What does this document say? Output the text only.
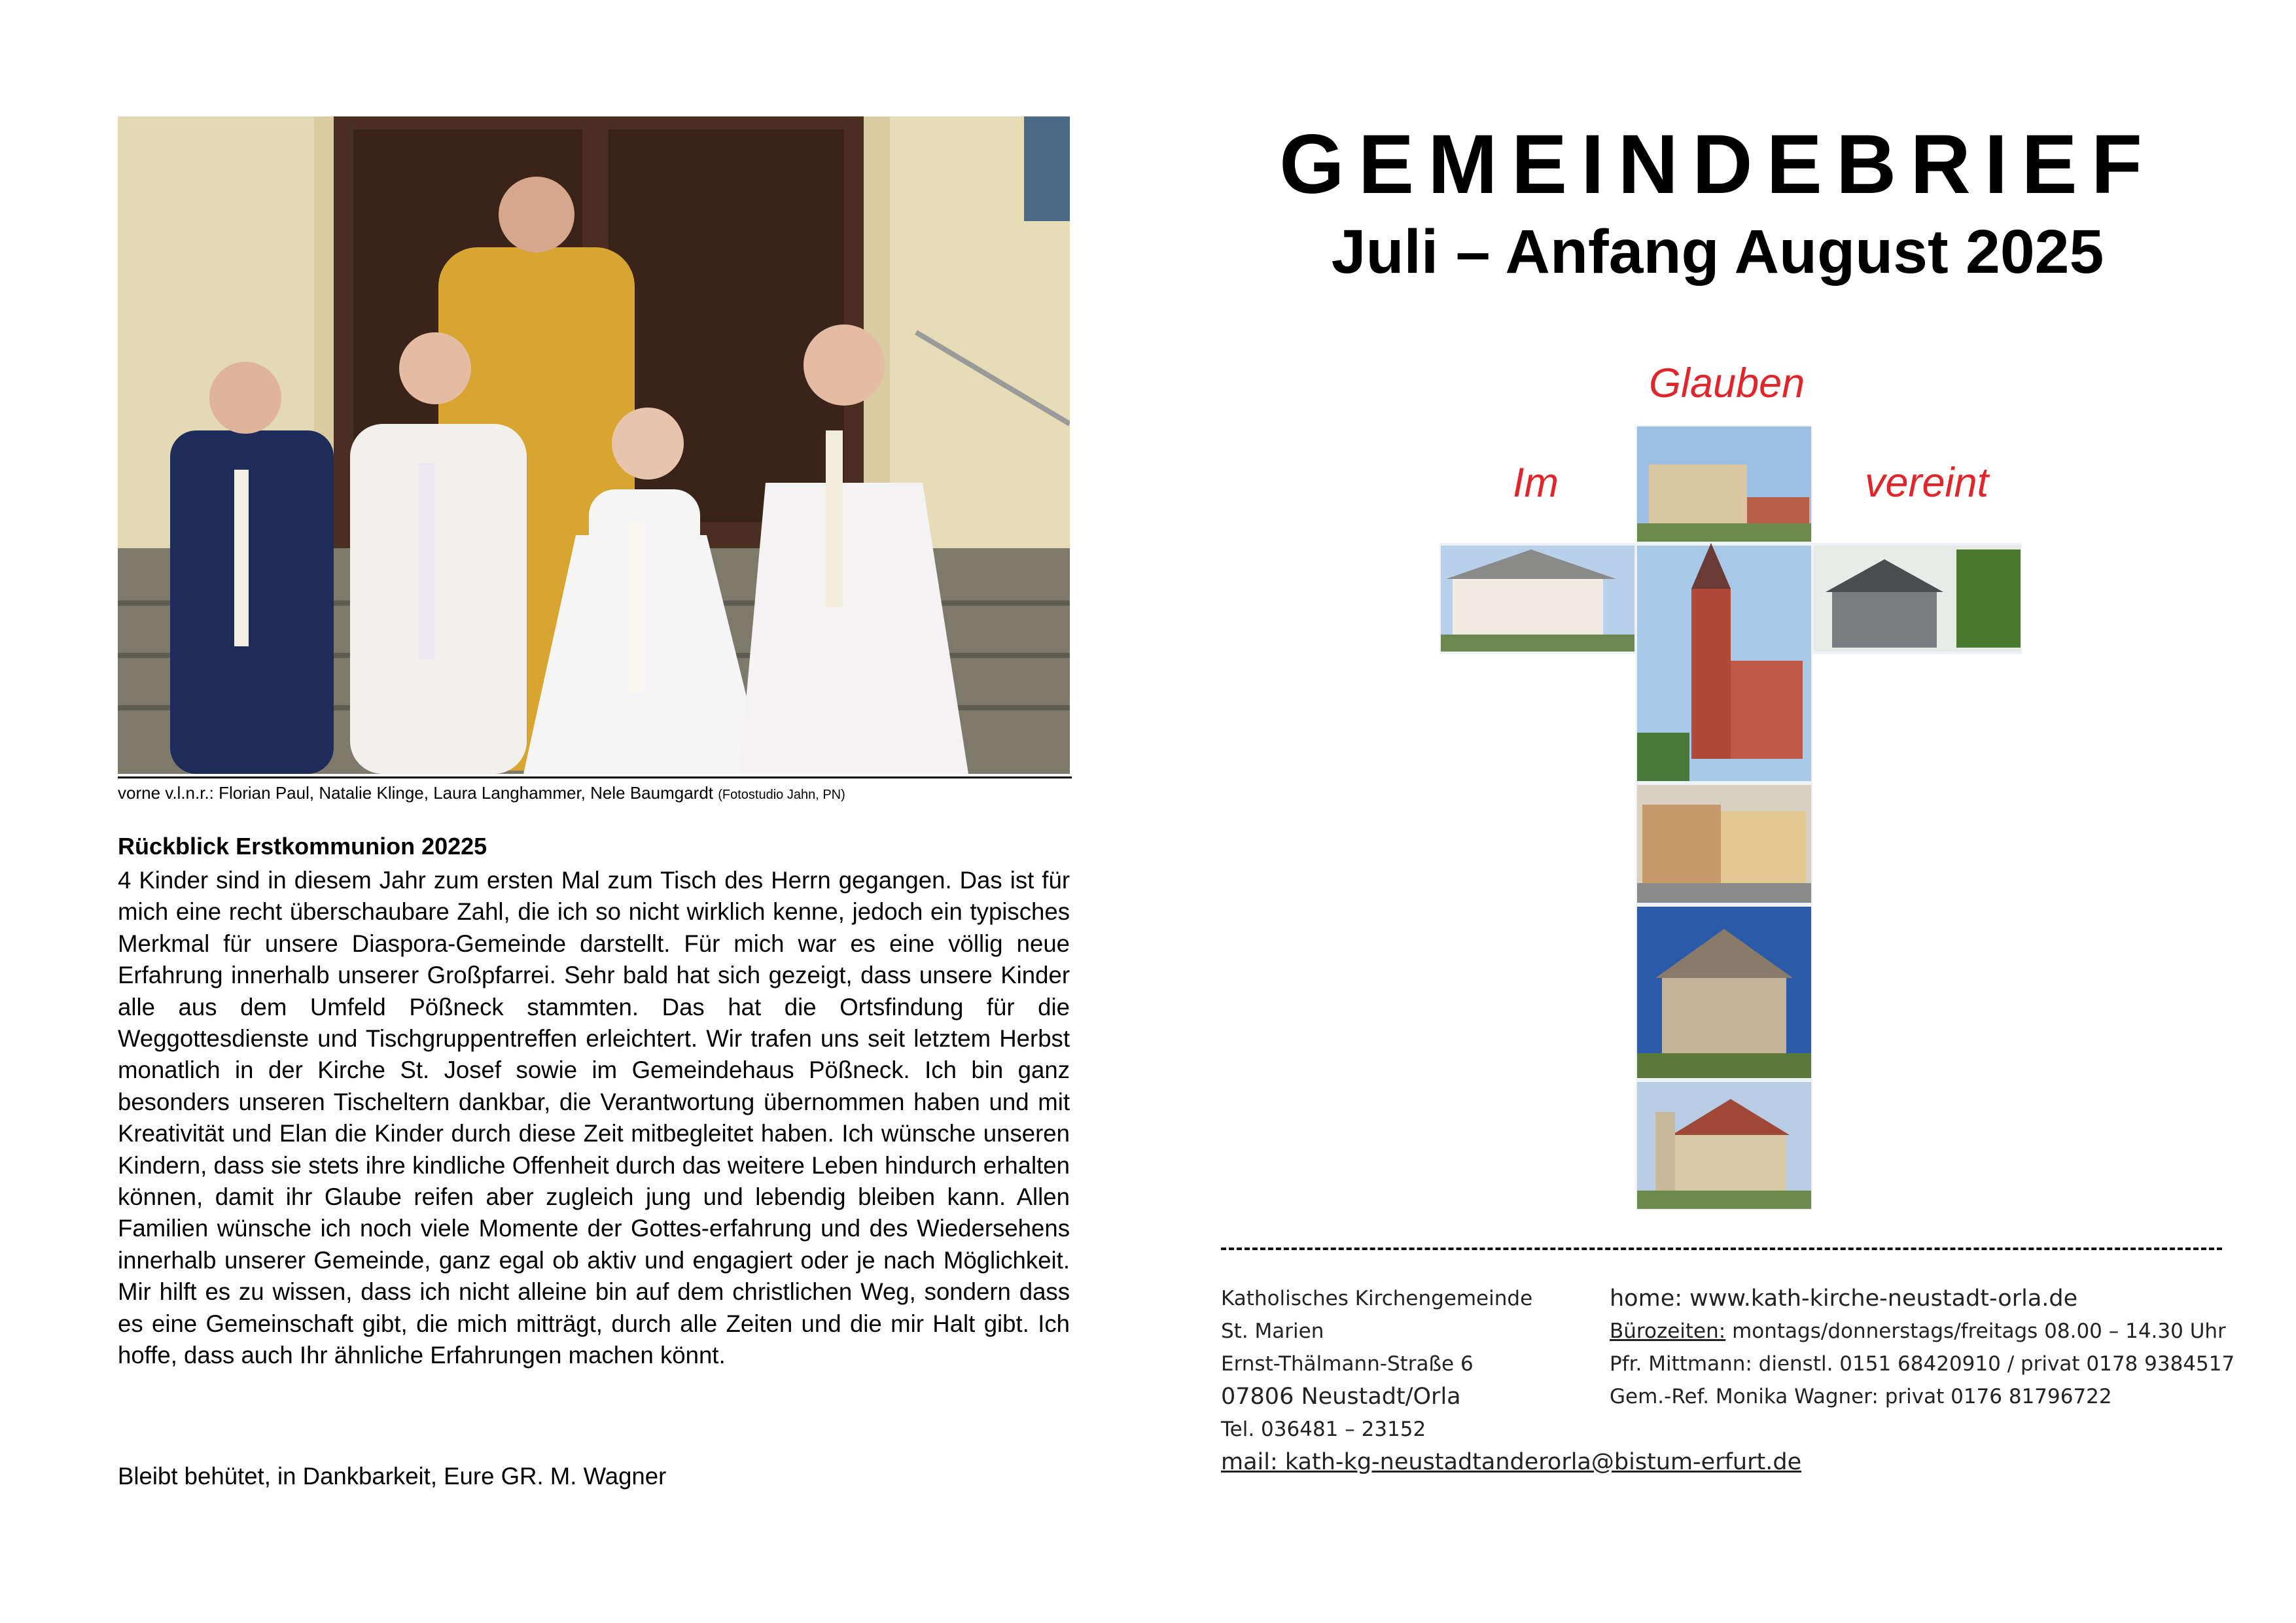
vorne v.l.n.r.: Florian Paul, Natalie Klinge, Laura Langhammer, Nele Baumgardt (Fotostudio Jahn, PN)
Rückblick Erstkommunion 20225

4 Kinder sind in diesem Jahr zum ersten Mal zum Tisch des Herrn gegangen. Das ist für mich eine recht überschaubare Zahl, die ich so nicht wirklich kenne, jedoch ein typisches Merkmal für unsere Diaspora-Gemeinde darstellt. Für mich war es eine völlig neue Erfahrung innerhalb unserer Großpfarrei. Sehr bald hat sich gezeigt, dass unsere Kinder alle aus dem Umfeld Pößneck stammten. Das hat die Ortsfindung für die Weggottesdienste und Tischgruppentreffen erleichtert. Wir trafen uns seit letztem Herbst monatlich in der Kirche St. Josef sowie im Gemeindehaus Pößneck. Ich bin ganz besonders unseren Tischeltern dankbar, die Verantwortung übernommen haben und mit Kreativität und Elan die Kinder durch diese Zeit mitbegleitet haben. Ich wünsche unseren Kindern, dass sie stets ihre kindliche Offenheit durch das weitere Leben hindurch erhalten können, damit ihr Glaube reifen aber zugleich jung und lebendig bleiben kann. Allen Familien wünsche ich noch viele Momente der Gottes-erfahrung und des Wiedersehens innerhalb unserer Gemeinde, ganz egal ob aktiv und engagiert oder je nach Möglichkeit. Mir hilft es zu wissen, dass ich nicht alleine bin auf dem christlichen Weg, sondern dass es eine Gemeinschaft gibt, die mich mitträgt, durch alle Zeiten und die mir Halt gibt. Ich hoffe, dass auch Ihr ähnliche Erfahrungen machen könnt.

Bleibt behütet, in Dankbarkeit, Eure GR. M. Wagner
GEMEINDEBRIEF
Juli – Anfang August 2025
Glauben
Im	vereint
Katholisches Kirchengemeinde
St. Marien
Ernst-Thälmann-Straße 6
07806 Neustadt/Orla
Tel. 036481 – 23152
mail: kath-kg-neustadtanderorla@bistum-erfurt.de
home: www.kath-kirche-neustadt-orla.de
Bürozeiten: montags/donnerstags/freitags 08.00 – 14.30 Uhr
Pfr. Mittmann: dienstl. 0151 68420910 / privat 0178 9384517
Gem.-Ref. Monika Wagner: privat 0176 81796722
